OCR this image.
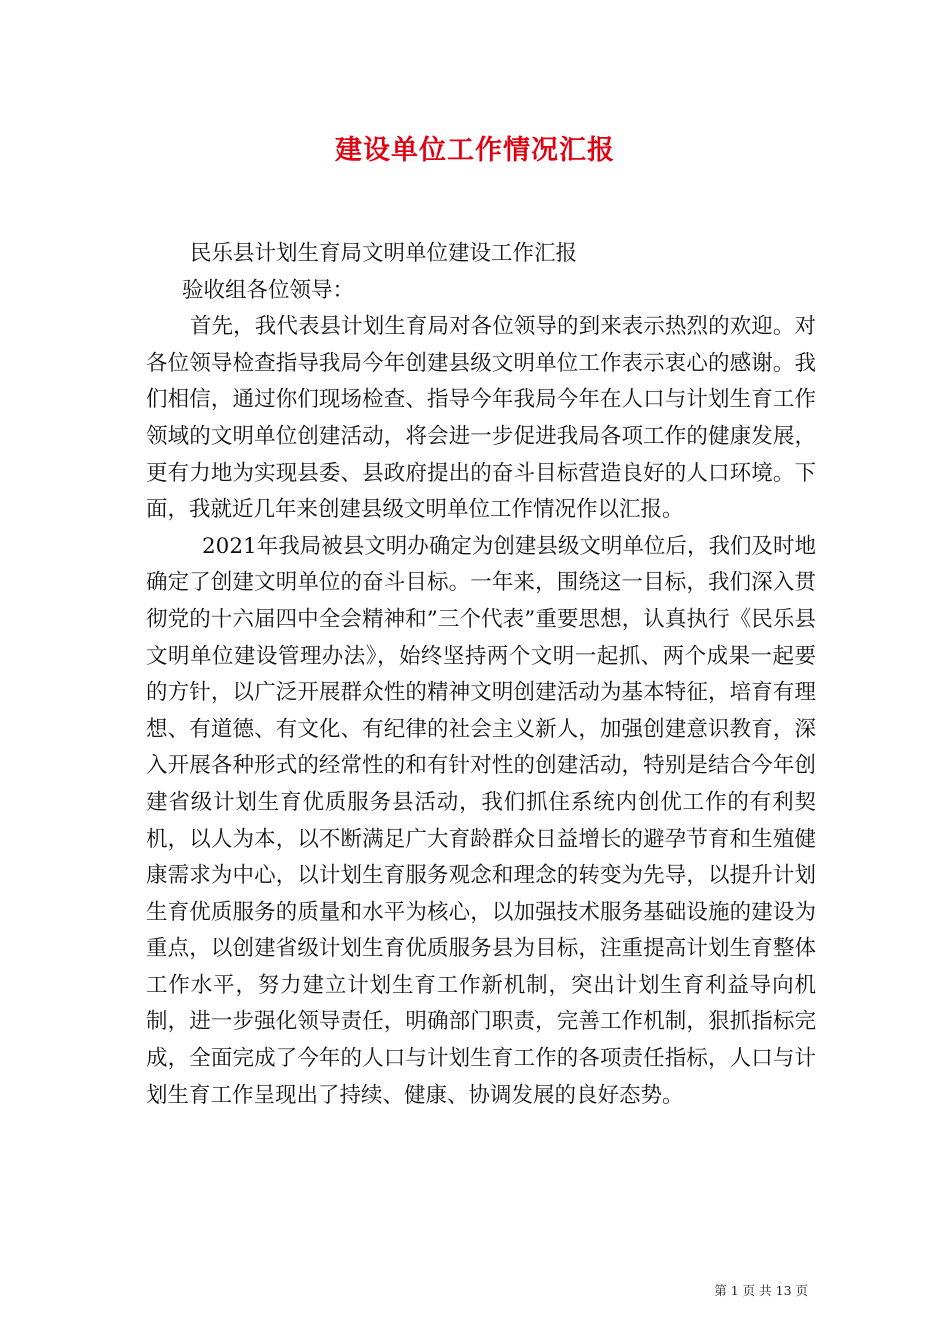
建设单位工作情况汇报

民乐县计划生育局文明单位建设工作汇报

验收组各位领导：

首先，我代表县计划生育局对各位领导的到来表示热烈的欢迎。对各位领导检查指导我局今年创建县级文明单位工作表示衷心的感谢。我们相信，通过你们现场检查、指导今年我局今年在人口与计划生育工作领域的文明单位创建活动，将会进一步促进我局各项工作的健康发展，更有力地为实现县委、县政府提出的奋斗目标营造良好的人口环境。下面，我就近几年来创建县级文明单位工作情况作以汇报。

2021年我局被县文明办确定为创建县级文明单位后，我们及时地确定了创建文明单位的奋斗目标。一年来，围绕这一目标，我们深入贯彻党的十六届四中全会精神和”三个代表”重要思想，认真执行《民乐县文明单位建设管理办法》，始终坚持两个文明一起抓、两个成果一起要的方针，以广泛开展群众性的精神文明创建活动为基本特征，培育有理想、有道德、有文化、有纪律的社会主义新人，加强创建意识教育，深入开展各种形式的经常性的和有针对性的创建活动，特别是结合今年创建省级计划生育优质服务县活动，我们抓住系统内创优工作的有利契机，以人为本，以不断满足广大育龄群众日益增长的避孕节育和生殖健康需求为中心，以计划生育服务观念和理念的转变为先导，以提升计划生育优质服务的质量和水平为核心，以加强技术服务基础设施的建设为重点，以创建省级计划生育优质服务县为目标，注重提高计划生育整体工作水平，努力建立计划生育工作新机制，突出计划生育利益导向机制，进一步强化领导责任，明确部门职责，完善工作机制，狠抓指标完成，全面完成了今年的人口与计划生育工作的各项责任指标，人口与计划生育工作呈现出了持续、健康、协调发展的良好态势。

第 1 页 共 13 页
